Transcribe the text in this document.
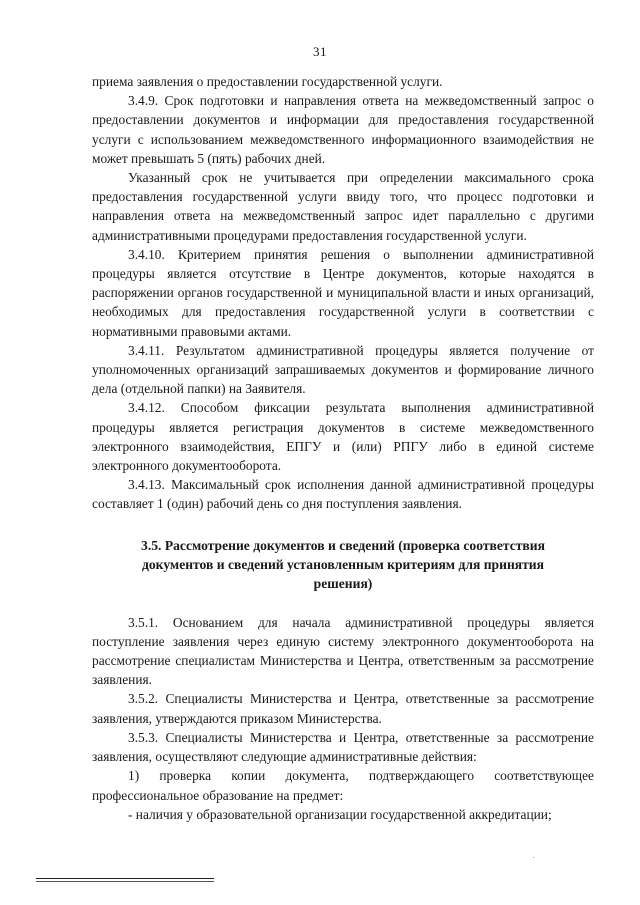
31

приема заявления о предоставлении государственной услуги.

3.4.9. Срок подготовки и направления ответа на межведомственный запрос о предоставлении документов и информации для предоставления государственной услуги с использованием межведомственного информационного взаимодействия не может превышать 5 (пять) рабочих дней.

Указанный срок не учитывается при определении максимального срока предоставления государственной услуги ввиду того, что процесс подготовки и направления ответа на межведомственный запрос идет параллельно с другими административными процедурами предоставления государственной услуги.

3.4.10. Критерием принятия решения о выполнении административной процедуры является отсутствие в Центре документов, которые находятся в распоряжении органов государственной и муниципальной власти и иных организаций, необходимых для предоставления государственной услуги в соответствии с нормативными правовыми актами.

3.4.11. Результатом административной процедуры является получение от уполномоченных организаций запрашиваемых документов и формирование личного дела (отдельной папки) на Заявителя.

3.4.12. Способом фиксации результата выполнения административной процедуры является регистрация документов в системе межведомственного электронного взаимодействия, ЕПГУ и (или) РПГУ либо в единой системе электронного документооборота.

3.4.13. Максимальный срок исполнения данной административной процедуры составляет 1 (один) рабочий день со дня поступления заявления.

3.5. Рассмотрение документов и сведений (проверка соответствия документов и сведений установленным критериям для принятия решения)

3.5.1. Основанием для начала административной процедуры является поступление заявления через единую систему электронного документооборота на рассмотрение специалистам Министерства и Центра, ответственным за рассмотрение заявления.

3.5.2. Специалисты Министерства и Центра, ответственные за рассмотрение заявления, утверждаются приказом Министерства.

3.5.3. Специалисты Министерства и Центра, ответственные за рассмотрение заявления, осуществляют следующие административные действия:

1) проверка копии документа, подтверждающего соответствующее профессиональное образование на предмет:

- наличия у образовательной организации государственной аккредитации;
